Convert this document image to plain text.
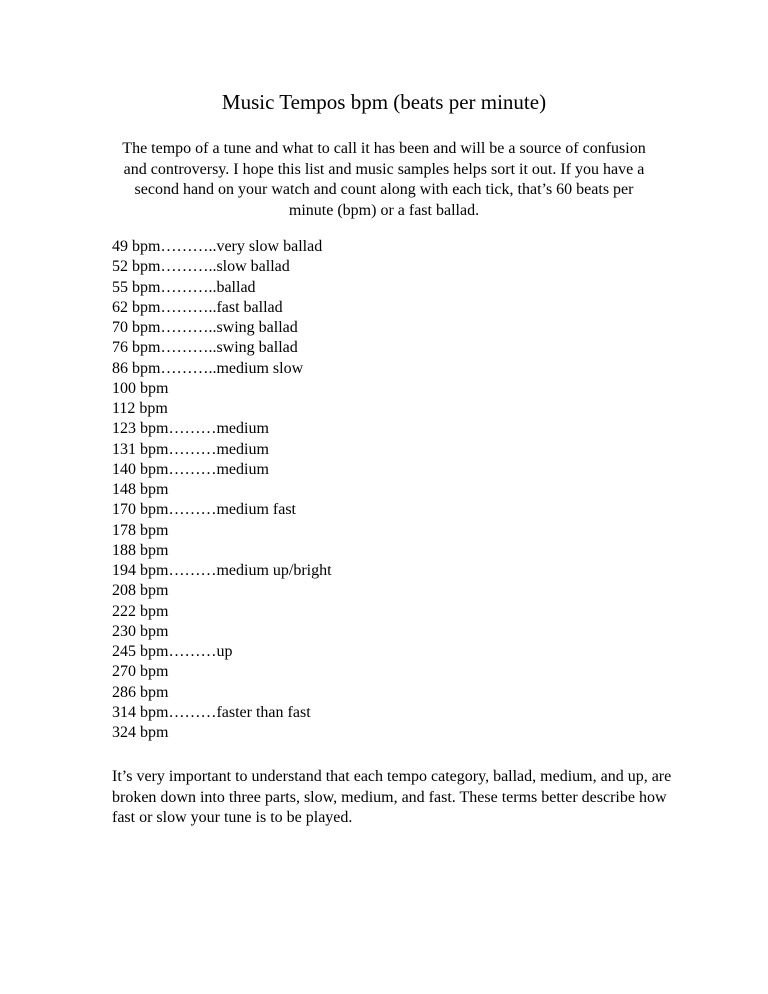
Music Tempos bpm (beats per minute)

The tempo of a tune and what to call it has been and will be a source of confusion and controversy. I hope this list and music samples helps sort it out. If you have a second hand on your watch and count along with each tick, that’s 60 beats per minute (bpm) or a fast ballad.

49 bpm………..very slow ballad
52 bpm………..slow ballad
55 bpm………..ballad
62 bpm………..fast ballad
70 bpm………..swing ballad
76 bpm………..swing ballad
86 bpm………..medium slow
100 bpm
112 bpm
123 bpm………medium
131 bpm………medium
140 bpm………medium
148 bpm
170 bpm………medium fast
178 bpm
188 bpm
194 bpm………medium up/bright
208 bpm
222 bpm
230 bpm
245 bpm………up
270 bpm
286 bpm
314 bpm………faster than fast
324 bpm

It’s very important to understand that each tempo category, ballad, medium, and up, are broken down into three parts, slow, medium, and fast. These terms better describe how fast or slow your tune is to be played.
